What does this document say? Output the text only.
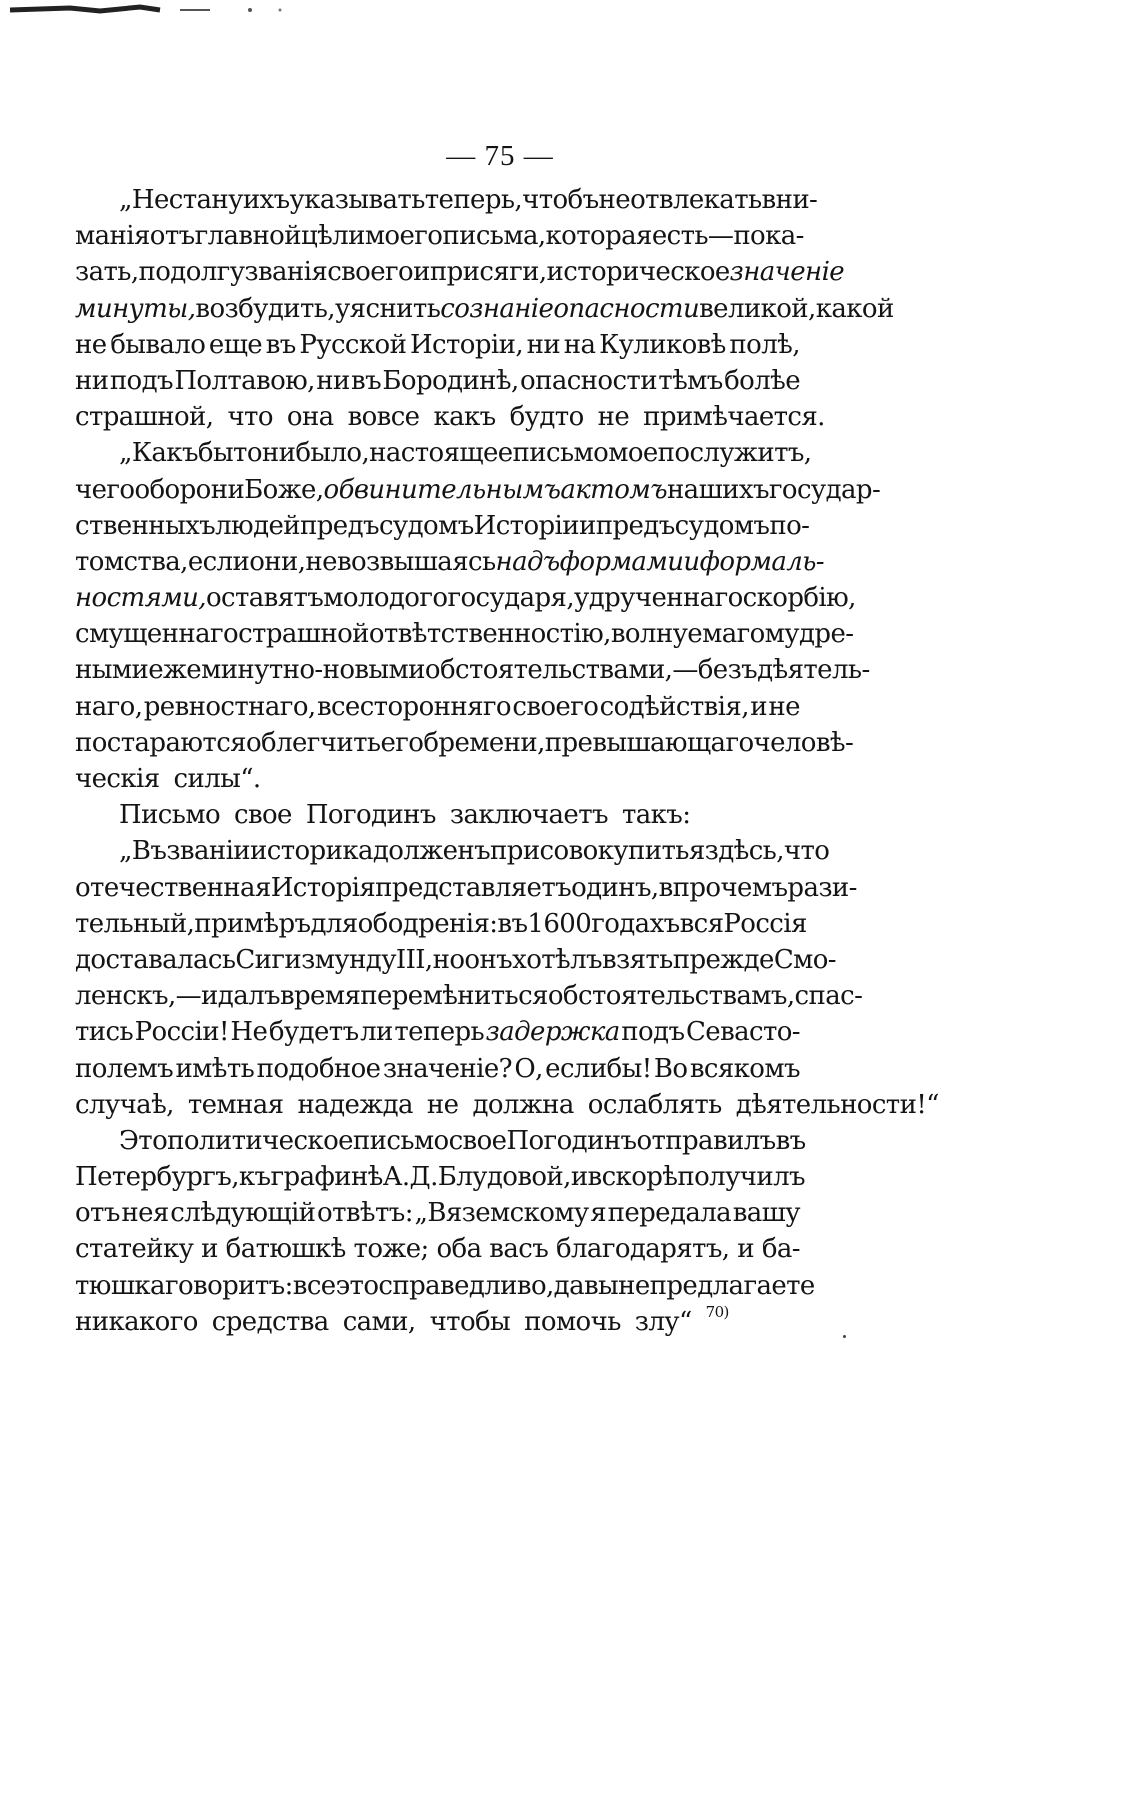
— 75 —
„Не стану ихъ указывать теперь, чтобъ не отвлекать вни-
манія отъ главной цѣли моего письма, которая есть—пока-
зать, по долгу званія своего и присяги, историческое значеніе
минуты, возбудить, уяснить сознаніе опасности великой, какой
не бывало еще въ Русской Исторіи, ни на Куликовѣ полѣ,
ни подъ Полтавою, ни въ Бородинѣ, опасности тѣмъ болѣе
страшной, что она вовсе какъ будто не примѣчается.
„Какъ бы то ни было, настоящее письмо мое послужитъ,
чего оборони Боже, обвинительнымъ актомъ нашихъ государ-
ственныхъ людей предъ судомъ Исторіи и предъ судомъ по-
томства, если они, не возвышаясь надъ формами и формаль-
ностями, оставятъ молодого государя, удрученнаго скорбію,
смущеннаго страшной отвѣтственностію, волнуемаго мудре-
ными ежеминутно-новыми обстоятельствами,—безъ дѣятель-
наго, ревностнаго, всесторонняго своего содѣйствія, и не
постараются облегчить его бремени, превышающаго человѣ-
ческія силы“.
Письмо свое Погодинъ заключаетъ такъ:
„Въ званіи историка долженъ присовокупить я здѣсь, что
отечественная Исторія представляетъ одинъ, впрочемъ рази-
тельный, примѣръ для ободренія: въ 1600 годахъ вся Россія
доставалась Сигизмунду III, но онъ хотѣлъ взять прежде Смо-
ленскъ,—и далъ время перемѣниться обстоятельствамъ, спас-
тись Россіи! Не будетъ ли теперь задержка подъ Севасто-
полемъ имѣть подобное значеніе? О, еслибы! Во всякомъ
случаѣ, темная надежда не должна ослаблять дѣятельности!“
Это политическое письмо свое Погодинъ отправилъ въ
Петербургъ, къ графинѣ А. Д. Блудовой, и вскорѣ получилъ
отъ нея слѣдующій отвѣтъ: „Вяземскому я передала вашу
статейку и батюшкѣ тоже; оба васъ благодарятъ, и ба-
тюшка говоритъ: все это справедливо, да вы не предлагаете
никакого средства сами, чтобы помочь злу“ 70)
